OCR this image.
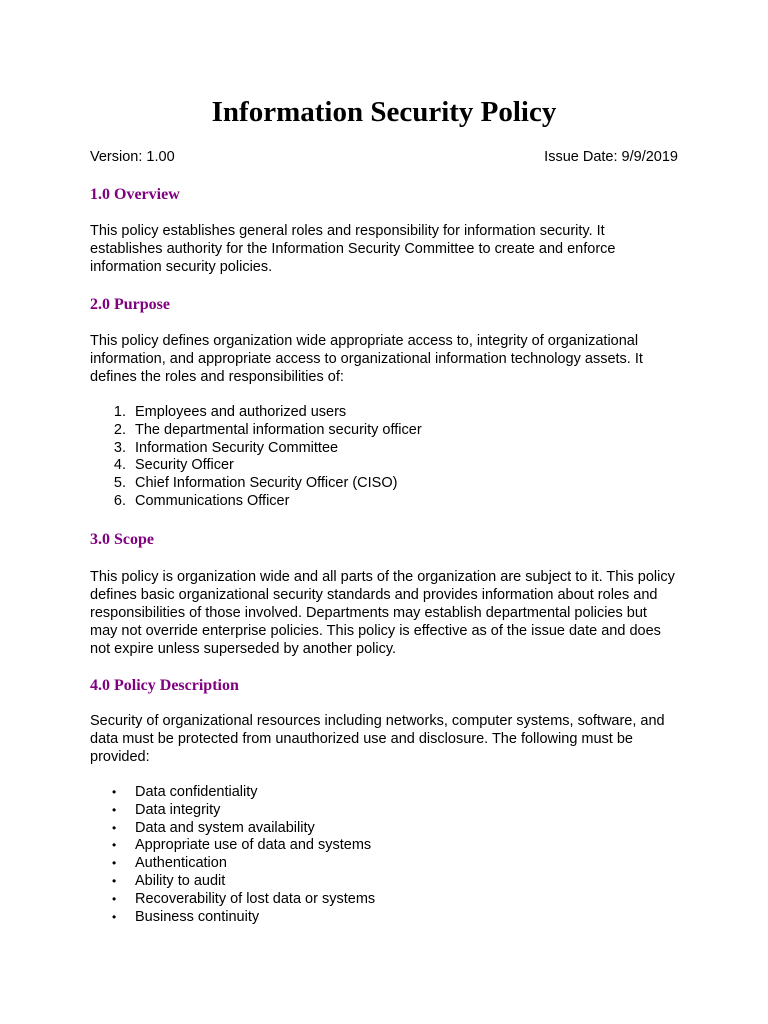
Information Security Policy
Version: 1.00	Issue Date: 9/9/2019
1.0 Overview

This policy establishes general roles and responsibility for information security. It establishes authority for the Information Security Committee to create and enforce information security policies.

2.0 Purpose

This policy defines organization wide appropriate access to, integrity of organizational information, and appropriate access to organizational information technology assets. It defines the roles and responsibilities of:

1. Employees and authorized users
2. The departmental information security officer
3. Information Security Committee
4. Security Officer
5. Chief Information Security Officer (CISO)
6. Communications Officer
3.0 Scope

This policy is organization wide and all parts of the organization are subject to it. This policy defines basic organizational security standards and provides information about roles and responsibilities of those involved. Departments may establish departmental policies but may not override enterprise policies. This policy is effective as of the issue date and does not expire unless superseded by another policy.

4.0 Policy Description

Security of organizational resources including networks, computer systems, software, and data must be protected from unauthorized use and disclosure. The following must be provided:

•	Data confidentiality
•	Data integrity
•	Data and system availability
•	Appropriate use of data and systems
•	Authentication
•	Ability to audit
•	Recoverability of lost data or systems
•	Business continuity
